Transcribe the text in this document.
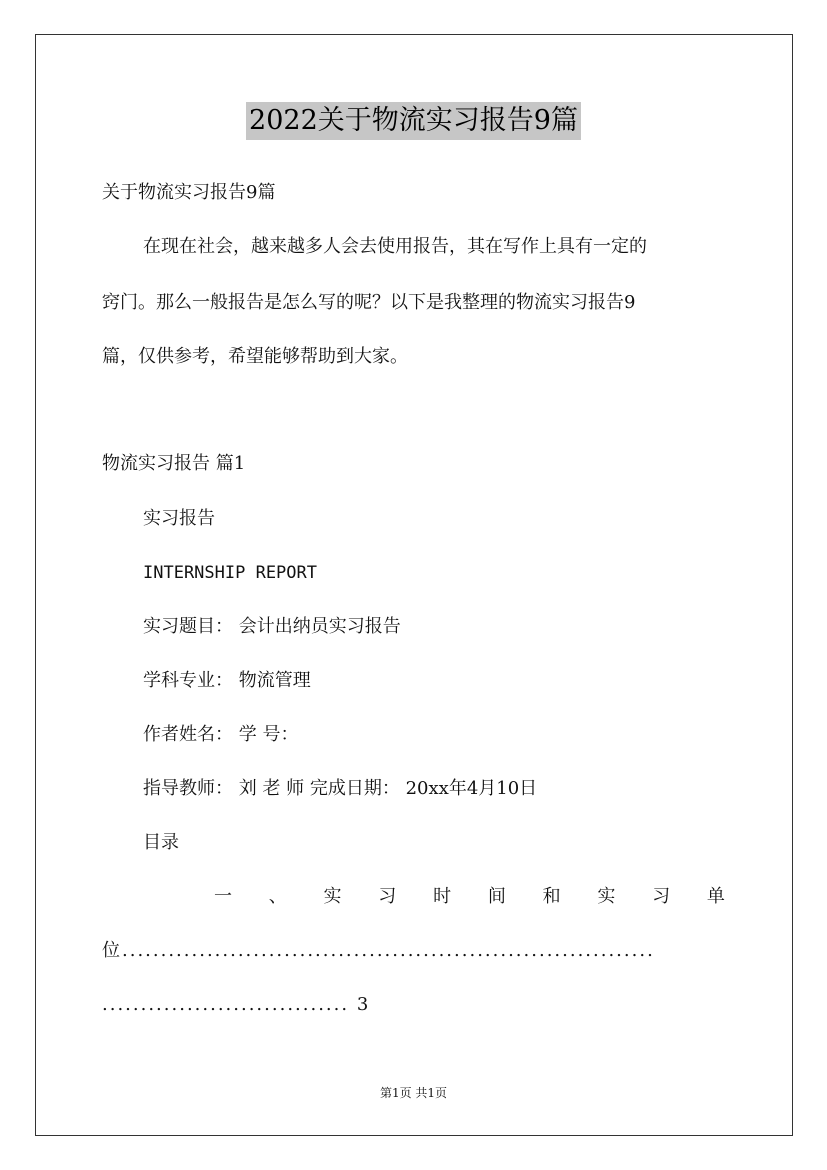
2022关于物流实习报告9篇
关于物流实习报告9篇
在现在社会，越来越多人会去使用报告，其在写作上具有一定的
窍门。那么一般报告是怎么写的呢？以下是我整理的物流实习报告9
篇，仅供参考，希望能够帮助到大家。
物流实习报告 篇1
实习报告
INTERNSHIP REPORT
实习题目： 会计出纳员实习报告
学科专业： 物流管理
作者姓名： 学 号：
指导教师： 刘 老 师 完成日期： 20xx年4月10日
目录
一 、 实 习 时 间 和 实 习 单
位.....................................................................
................................ 3
第1页 共1页
